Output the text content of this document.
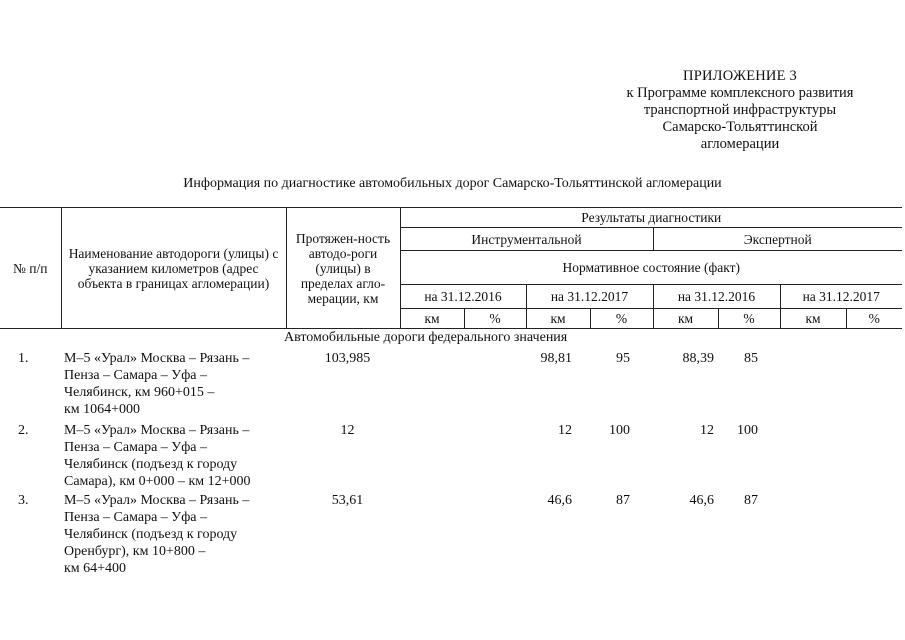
ПРИЛОЖЕНИЕ 3
к Программе комплексного развития
транспортной инфраструктуры
Самарско-Тольяттинской
агломерации
Информация по диагностике автомобильных дорог Самарско-Тольяттинской агломерации
№ п/п	Наименование автодороги (улицы) с указанием километров (адрес объекта в границах агломерации)	Протяжен-ность автодо-роги (улицы) в пределах агло-мерации, км	Результаты диагностики							
			Инструментальной				Экспертной			
			Нормативное состояние (факт)							
			на 31.12.2016		на 31.12.2017		на 31.12.2016		на 31.12.2017	
			км	%	км	%	км	%	км	%
Автомобильные дороги федерального значения
1.	М–5 «Урал» Москва – Рязань –
Пенза – Самара – Уфа –
Челябинск, км 960+015 –
км 1064+000
103,985	98,81	95	88,39	85
2.	М–5 «Урал» Москва – Рязань –
Пенза – Самара – Уфа –
Челябинск (подъезд к городу
Самара), км 0+000 – км 12+000
12	12	100	12	100
3.	М–5 «Урал» Москва – Рязань –
Пенза – Самара – Уфа –
Челябинск (подъезд к городу
Оренбург), км 10+800 –
км 64+400
53,61	46,6	87	46,6	87
